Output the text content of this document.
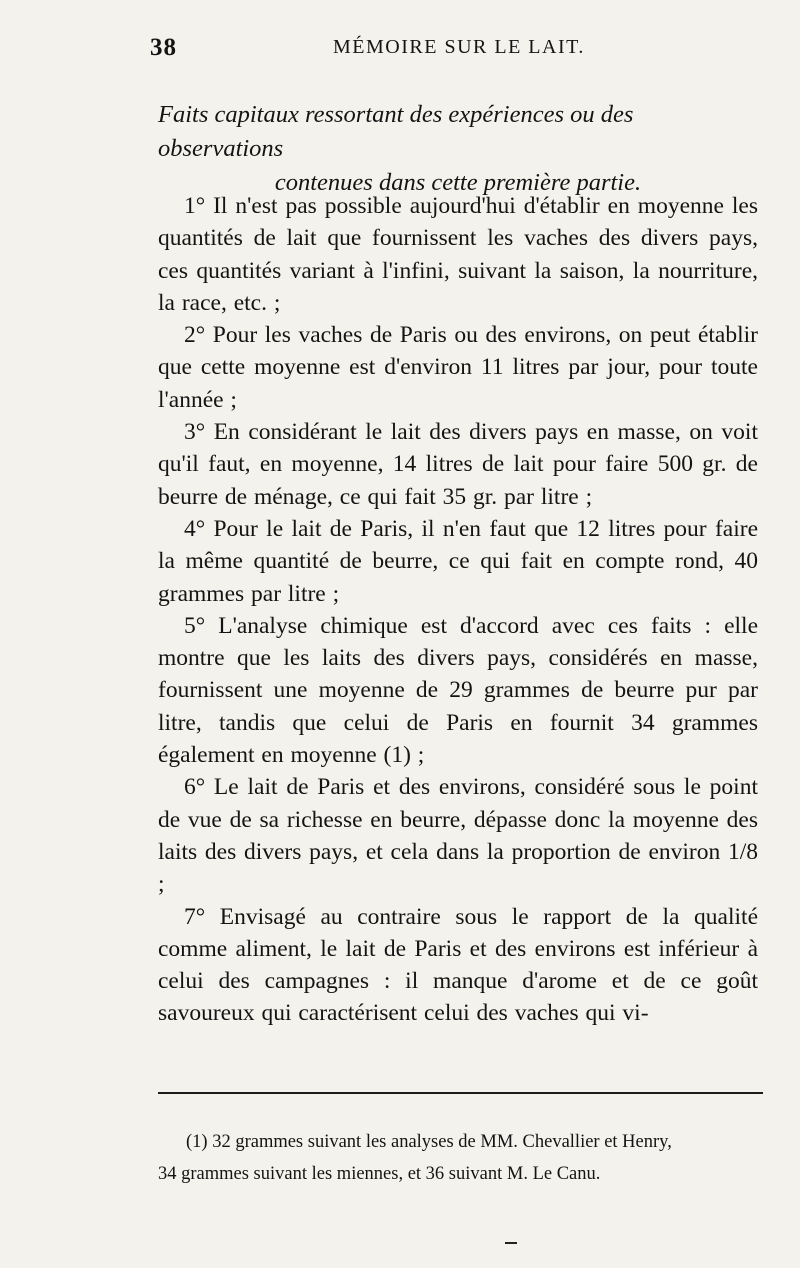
38	MÉMOIRE SUR LE LAIT.
Faits capitaux ressortant des expériences ou des observations
contenues dans cette première partie.

1° Il n'est pas possible aujourd'hui d'établir en moyenne les quantités de lait que fournissent les vaches des divers pays, ces quantités variant à l'infini, suivant la saison, la nourriture, la race, etc. ;

2° Pour les vaches de Paris ou des environs, on peut établir que cette moyenne est d'environ 11 litres par jour, pour toute l'année ;

3° En considérant le lait des divers pays en masse, on voit qu'il faut, en moyenne, 14 litres de lait pour faire 500 gr. de beurre de ménage, ce qui fait 35 gr. par litre ;

4° Pour le lait de Paris, il n'en faut que 12 litres pour faire la même quantité de beurre, ce qui fait en compte rond, 40 grammes par litre ;

5° L'analyse chimique est d'accord avec ces faits : elle montre que les laits des divers pays, considérés en masse, fournissent une moyenne de 29 grammes de beurre pur par litre, tandis que celui de Paris en fournit 34 grammes également en moyenne (1) ;

6° Le lait de Paris et des environs, considéré sous le point de vue de sa richesse en beurre, dépasse donc la moyenne des laits des divers pays, et cela dans la proportion de environ 1/8 ;

7° Envisagé au contraire sous le rapport de la qualité comme aliment, le lait de Paris et des environs est inférieur à celui des campagnes : il manque d'arome et de ce goût savoureux qui caractérisent celui des vaches qui vi-

(1) 32 grammes suivant les analyses de MM. Chevallier et Henry,
34 grammes suivant les miennes, et 36 suivant M. Le Canu.
